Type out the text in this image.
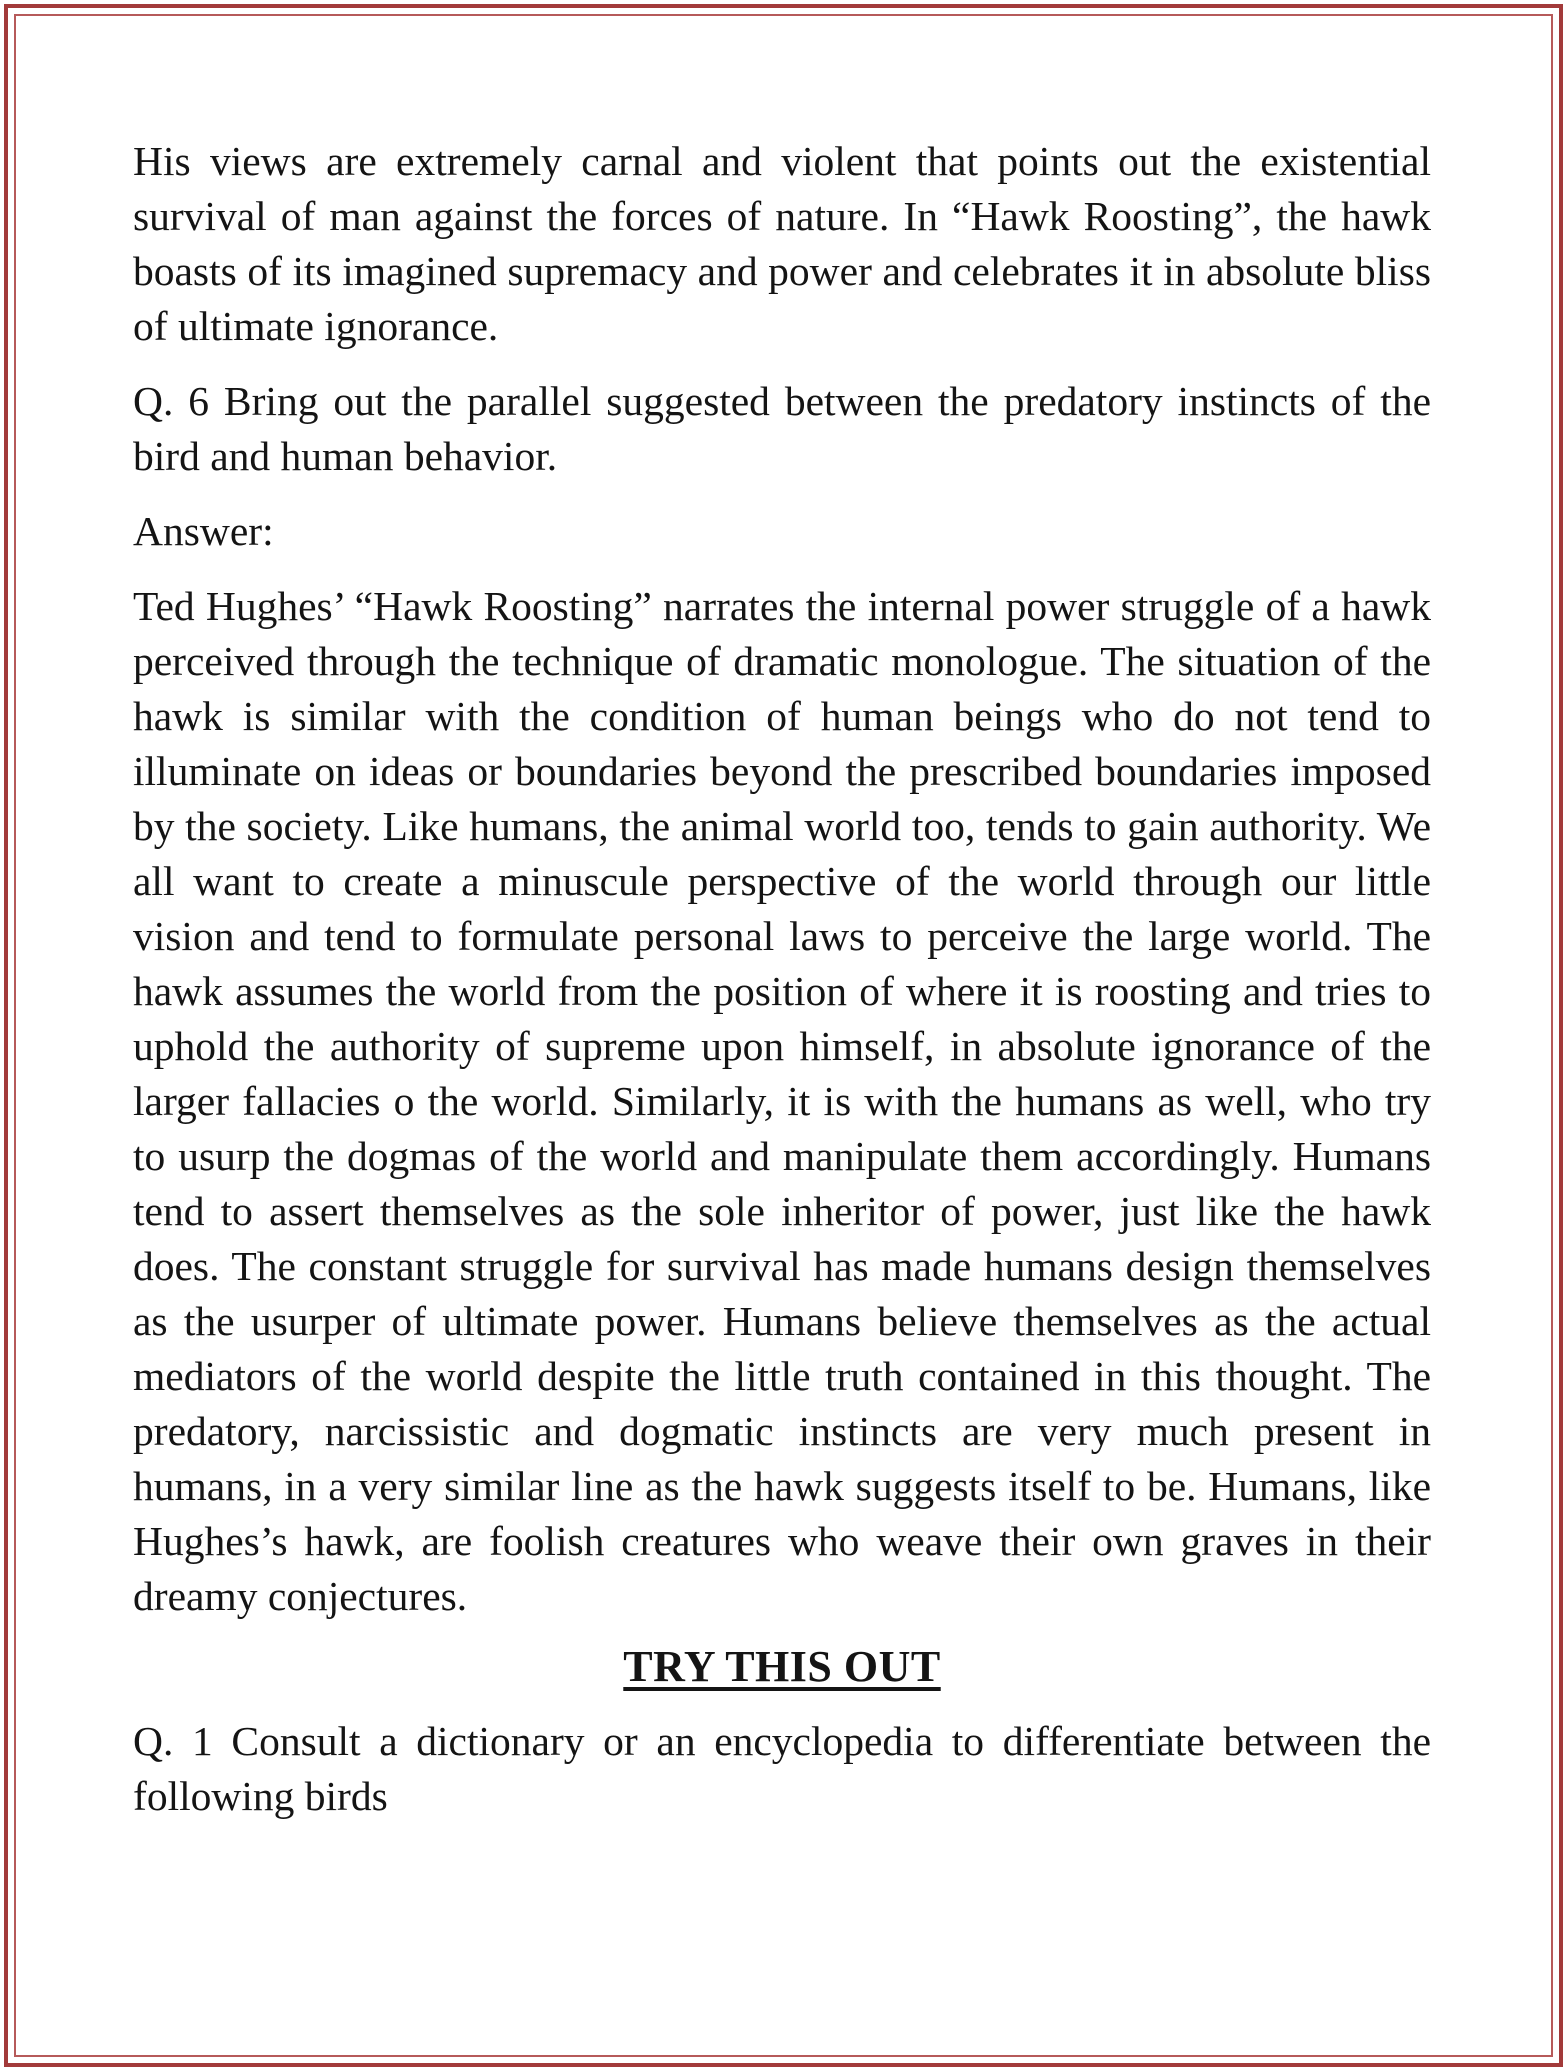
His views are extremely carnal and violent that points out the existential survival of man against the forces of nature. In “Hawk Roosting”, the hawk boasts of its imagined supremacy and power and celebrates it in absolute bliss of ultimate ignorance.

Q. 6 Bring out the parallel suggested between the predatory instincts of the bird and human behavior.

Answer:

Ted Hughes’ “Hawk Roosting” narrates the internal power struggle of a hawk perceived through the technique of dramatic monologue. The situation of the hawk is similar with the condition of human beings who do not tend to illuminate on ideas or boundaries beyond the prescribed boundaries imposed by the society. Like humans, the animal world too, tends to gain authority. We all want to create a minuscule perspective of the world through our little vision and tend to formulate personal laws to perceive the large world. The hawk assumes the world from the position of where it is roosting and tries to uphold the authority of supreme upon himself, in absolute ignorance of the larger fallacies o the world. Similarly, it is with the humans as well, who try to usurp the dogmas of the world and manipulate them accordingly. Humans tend to assert themselves as the sole inheritor of power, just like the hawk does. The constant struggle for survival has made humans design themselves as the usurper of ultimate power. Humans believe themselves as the actual mediators of the world despite the little truth contained in this thought. The predatory, narcissistic and dogmatic instincts are very much present in humans, in a very similar line as the hawk suggests itself to be. Humans, like Hughes’s hawk, are foolish creatures who weave their own graves in their dreamy conjectures.

TRY THIS OUT

Q. 1 Consult a dictionary or an encyclopedia to differentiate between the following birds
